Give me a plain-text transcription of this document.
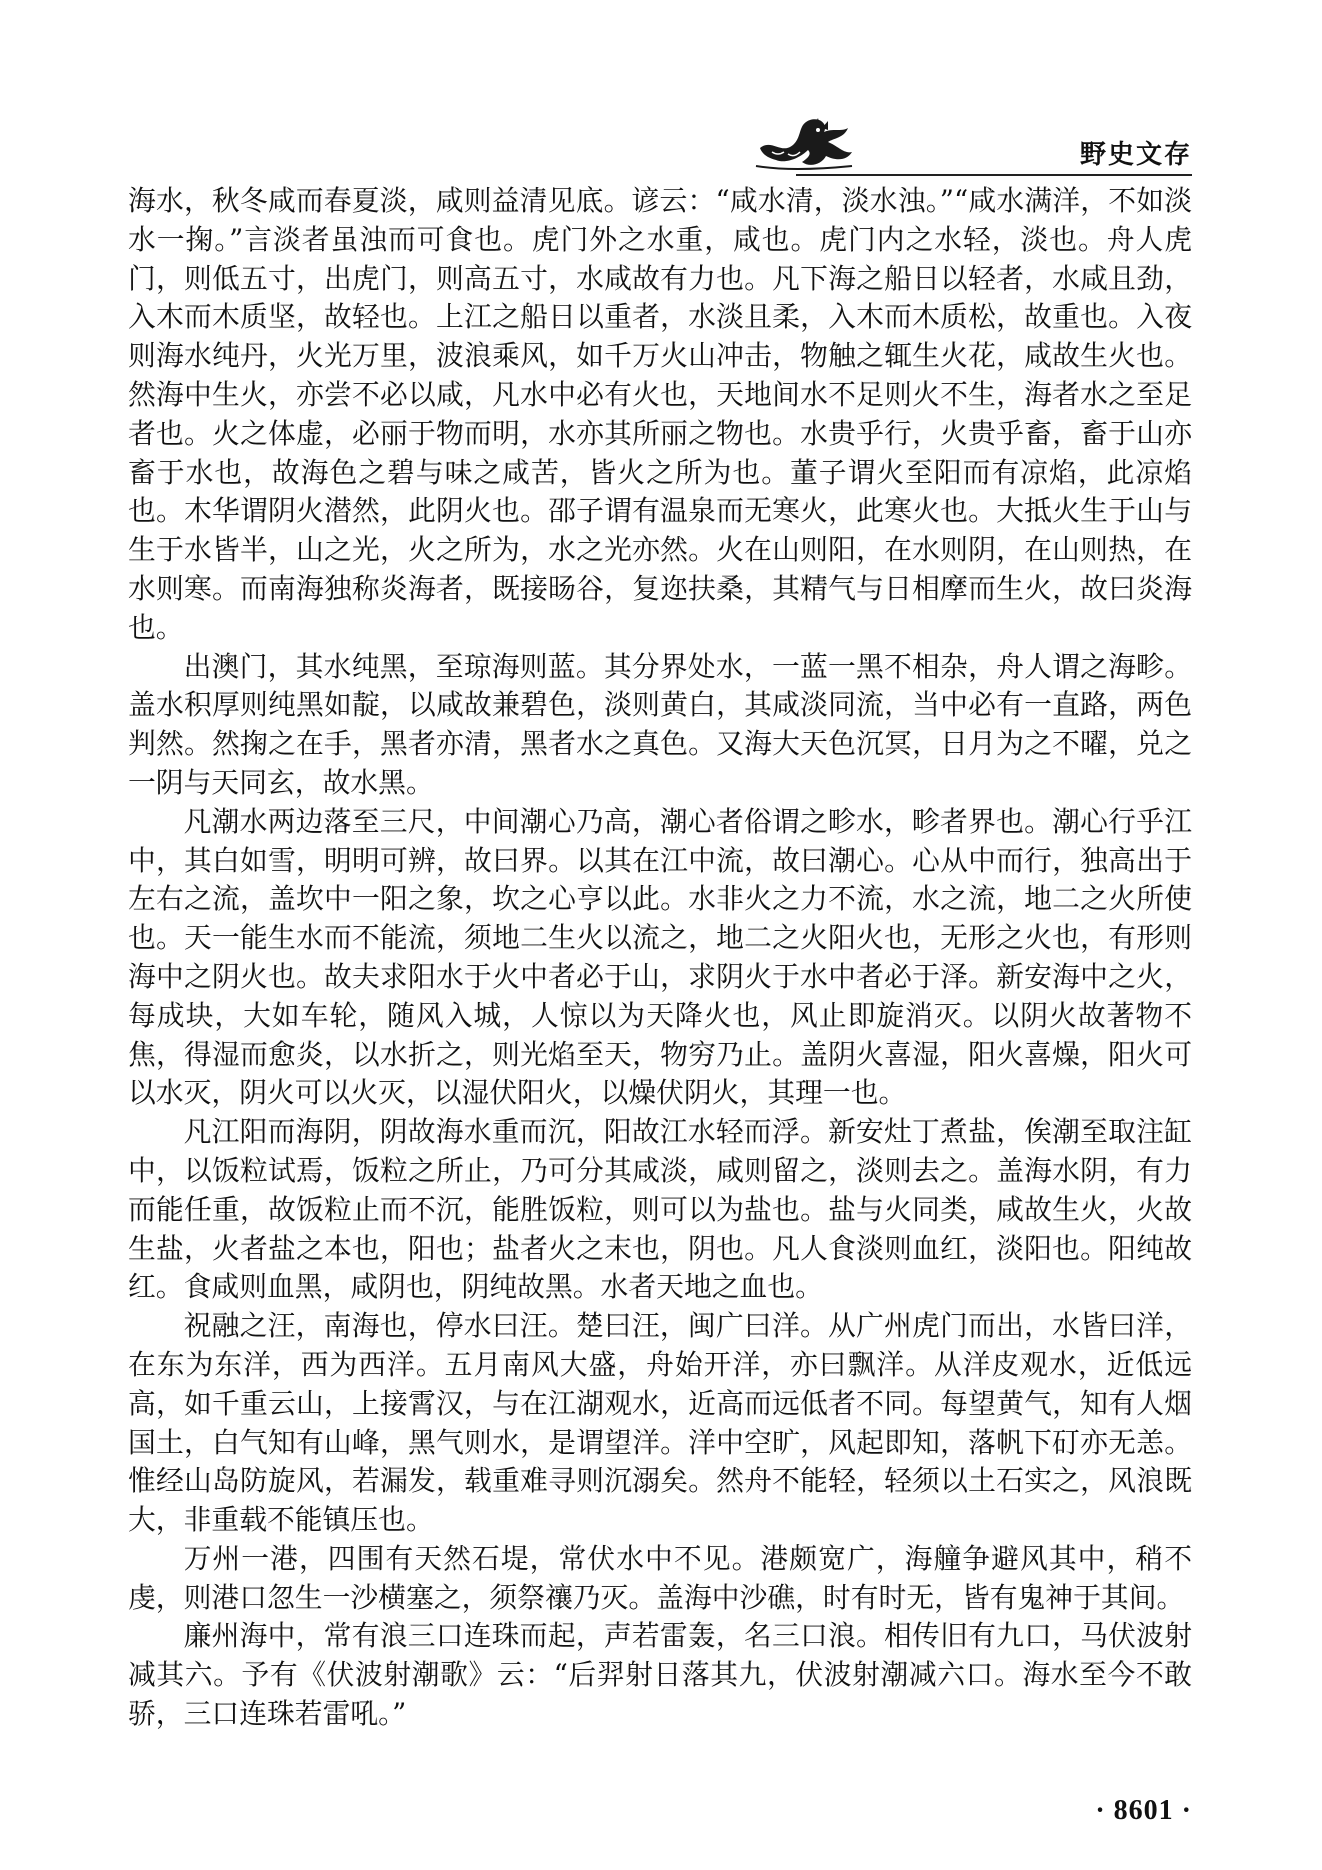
野史文存

海水，秋冬咸而春夏淡，咸则益清见底。谚云：“咸水清，淡水浊。”“咸水满洋，不如淡水一掬。”言淡者虽浊而可食也。虎门外之水重，咸也。虎门内之水轻，淡也。舟人虎门，则低五寸，出虎门，则高五寸，水咸故有力也。凡下海之船日以轻者，水咸且劲，入木而木质坚，故轻也。上江之船日以重者，水淡且柔，入木而木质松，故重也。入夜则海水纯丹，火光万里，波浪乘风，如千万火山冲击，物触之辄生火花，咸故生火也。然海中生火，亦尝不必以咸，凡水中必有火也，天地间水不足则火不生，海者水之至足者也。火之体虚，必丽于物而明，水亦其所丽之物也。水贵乎行，火贵乎畜，畜于山亦畜于水也，故海色之碧与味之咸苦，皆火之所为也。董子谓火至阳而有凉焰，此凉焰也。木华谓阴火潜然，此阴火也。邵子谓有温泉而无寒火，此寒火也。大抵火生于山与生于水皆半，山之光，火之所为，水之光亦然。火在山则阳，在水则阴，在山则热，在水则寒。而南海独称炎海者，既接旸谷，复迩扶桑，其精气与日相摩而生火，故曰炎海也。

出澳门，其水纯黑，至琼海则蓝。其分界处水，一蓝一黑不相杂，舟人谓之海畛。盖水积厚则纯黑如靛，以咸故兼碧色，淡则黄白，其咸淡同流，当中必有一直路，两色判然。然掬之在手，黑者亦清，黑者水之真色。又海大天色沉冥，日月为之不曜，兑之一阴与天同玄，故水黑。

凡潮水两边落至三尺，中间潮心乃高，潮心者俗谓之畛水，畛者界也。潮心行乎江中，其白如雪，明明可辨，故曰界。以其在江中流，故曰潮心。心从中而行，独高出于左右之流，盖坎中一阳之象，坎之心亨以此。水非火之力不流，水之流，地二之火所使也。天一能生水而不能流，须地二生火以流之，地二之火阳火也，无形之火也，有形则海中之阴火也。故夫求阳水于火中者必于山，求阴火于水中者必于泽。新安海中之火，每成块，大如车轮，随风入城，人惊以为天降火也，风止即旋消灭。以阴火故著物不焦，得湿而愈炎，以水折之，则光焰至天，物穷乃止。盖阴火喜湿，阳火喜燥，阳火可以水灭，阴火可以火灭，以湿伏阳火，以燥伏阴火，其理一也。

凡江阳而海阴，阴故海水重而沉，阳故江水轻而浮。新安灶丁煮盐，俟潮至取注缸中，以饭粒试焉，饭粒之所止，乃可分其咸淡，咸则留之，淡则去之。盖海水阴，有力而能任重，故饭粒止而不沉，能胜饭粒，则可以为盐也。盐与火同类，咸故生火，火故生盐，火者盐之本也，阳也；盐者火之末也，阴也。凡人食淡则血红，淡阳也。阳纯故红。食咸则血黑，咸阴也，阴纯故黑。水者天地之血也。

祝融之汪，南海也，停水曰汪。楚曰汪，闽广曰洋。从广州虎门而出，水皆曰洋，在东为东洋，西为西洋。五月南风大盛，舟始开洋，亦曰飘洋。从洋皮观水，近低远高，如千重云山，上接霄汉，与在江湖观水，近高而远低者不同。每望黄气，知有人烟国土，白气知有山峰，黑气则水，是谓望洋。洋中空旷，风起即知，落帆下矴亦无恙。惟经山岛防旋风，若漏发，载重难寻则沉溺矣。然舟不能轻，轻须以土石实之，风浪既大，非重载不能镇压也。

万州一港，四围有天然石堤，常伏水中不见。港颇宽广，海艟争避风其中，稍不虔，则港口忽生一沙横塞之，须祭禳乃灭。盖海中沙礁，时有时无，皆有鬼神于其间。

廉州海中，常有浪三口连珠而起，声若雷轰，名三口浪。相传旧有九口，马伏波射减其六。予有《伏波射潮歌》云：“后羿射日落其九，伏波射潮减六口。海水至今不敢骄，三口连珠若雷吼。”

· 8601 ·
